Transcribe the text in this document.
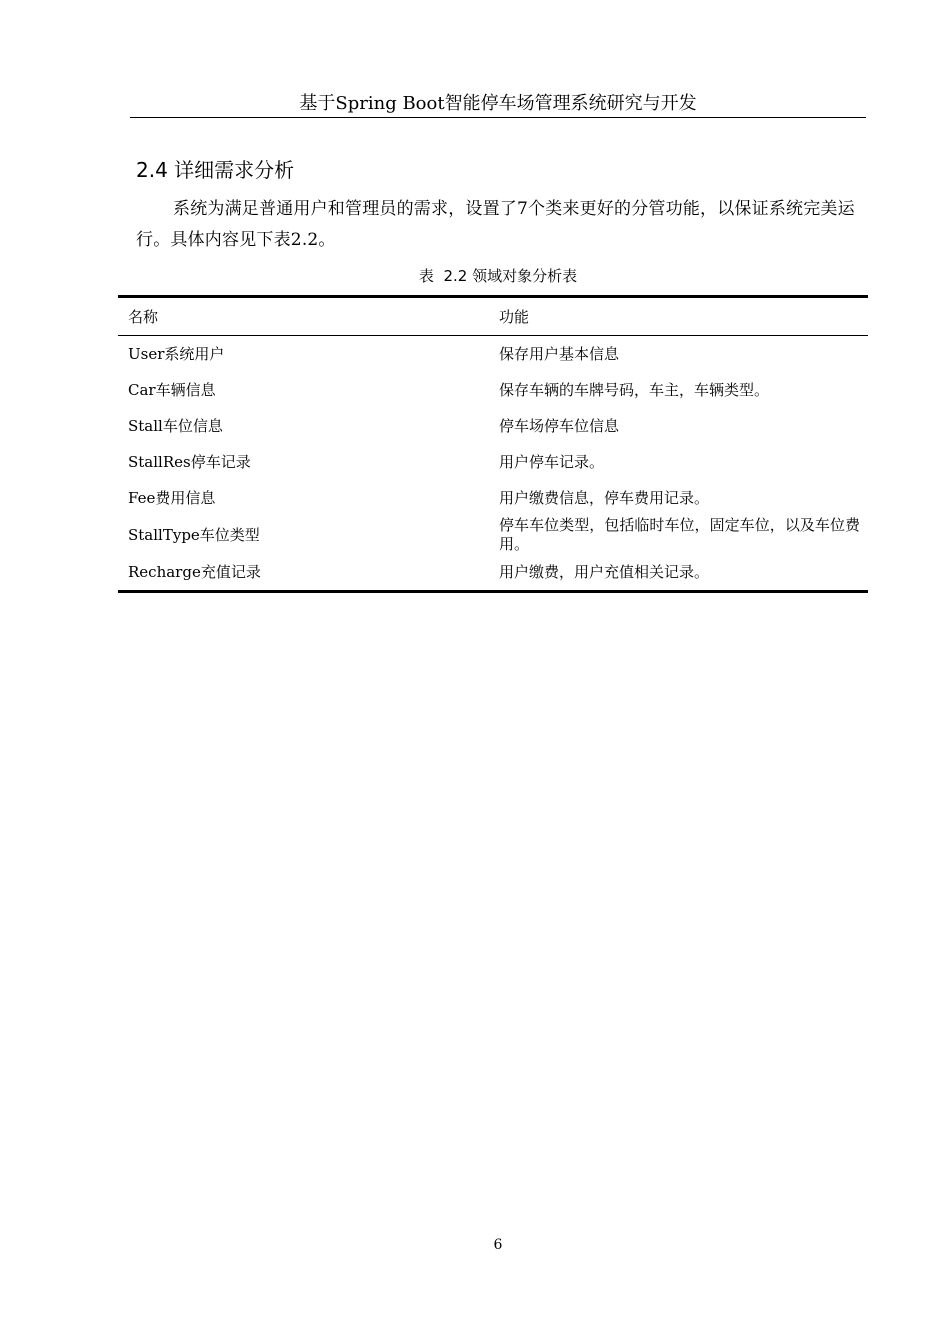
基于Spring Boot智能停车场管理系统研究与开发
2.4 详细需求分析

系统为满足普通用户和管理员的需求，设置了7个类来更好的分管功能，以保证系统完美运行。具体内容见下表2.2。

表  2.2 领域对象分析表
名称	功能
User系统用户	保存用户基本信息
Car车辆信息	保存车辆的车牌号码，车主，车辆类型。
Stall车位信息	停车场停车位信息
StallRes停车记录	用户停车记录。
Fee费用信息	用户缴费信息，停车费用记录。
StallType车位类型	停车车位类型，包括临时车位，固定车位，以及车位费用。
Recharge充值记录	用户缴费，用户充值相关记录。
6
